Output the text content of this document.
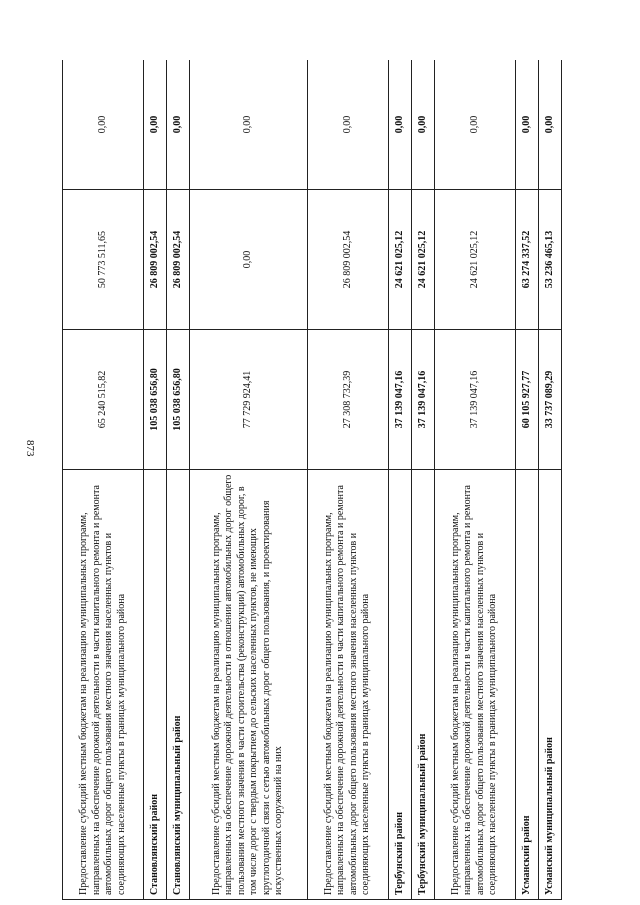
873
Предоставление субсидий местным бюджетам на реализацию муниципальных программ, направленных на обеспечение дорожной деятельности в части капитального ремонта и ремонта автомобильных дорог общего пользования местного значения населенных пунктов и соединяющих населенные пункты в границах муниципального района	65 240 515,82	50 773 511,65	0,00
Становлянский район	105 038 656,80	26 809 002,54	0,00
Становлянский муниципальный район	105 038 656,80	26 809 002,54	0,00
Предоставление субсидий местным бюджетам на реализацию муниципальных программ, направленных на обеспечение дорожной деятельности в отношении автомобильных дорог общего пользования местного значения в части строительства (реконструкции) автомобильных дорог, в том числе дорог с твердым покрытием до сельских населенных пунктов, не имеющих круглогодичной связи с сетью автомобильных дорог общего пользования, и проектирования искусственных сооружений на них	77 729 924,41	0,00	0,00
Предоставление субсидий местным бюджетам на реализацию муниципальных программ, направленных на обеспечение дорожной деятельности в части капитального ремонта и ремонта автомобильных дорог общего пользования местного значения населенных пунктов и соединяющих населенные пункты в границах муниципального района	27 308 732,39	26 809 002,54	0,00
Тербунский район	37 139 047,16	24 621 025,12	0,00
Тербунский муниципальный район	37 139 047,16	24 621 025,12	0,00
Предоставление субсидий местным бюджетам на реализацию муниципальных программ, направленных на обеспечение дорожной деятельности в части капитального ремонта и ремонта автомобильных дорог общего пользования местного значения населенных пунктов и соединяющих населенные пункты в границах муниципального района	37 139 047,16	24 621 025,12	0,00
Усманский район	60 105 927,77	63 274 337,52	0,00
Усманский муниципальный район	33 737 089,29	53 236 465,13	0,00
